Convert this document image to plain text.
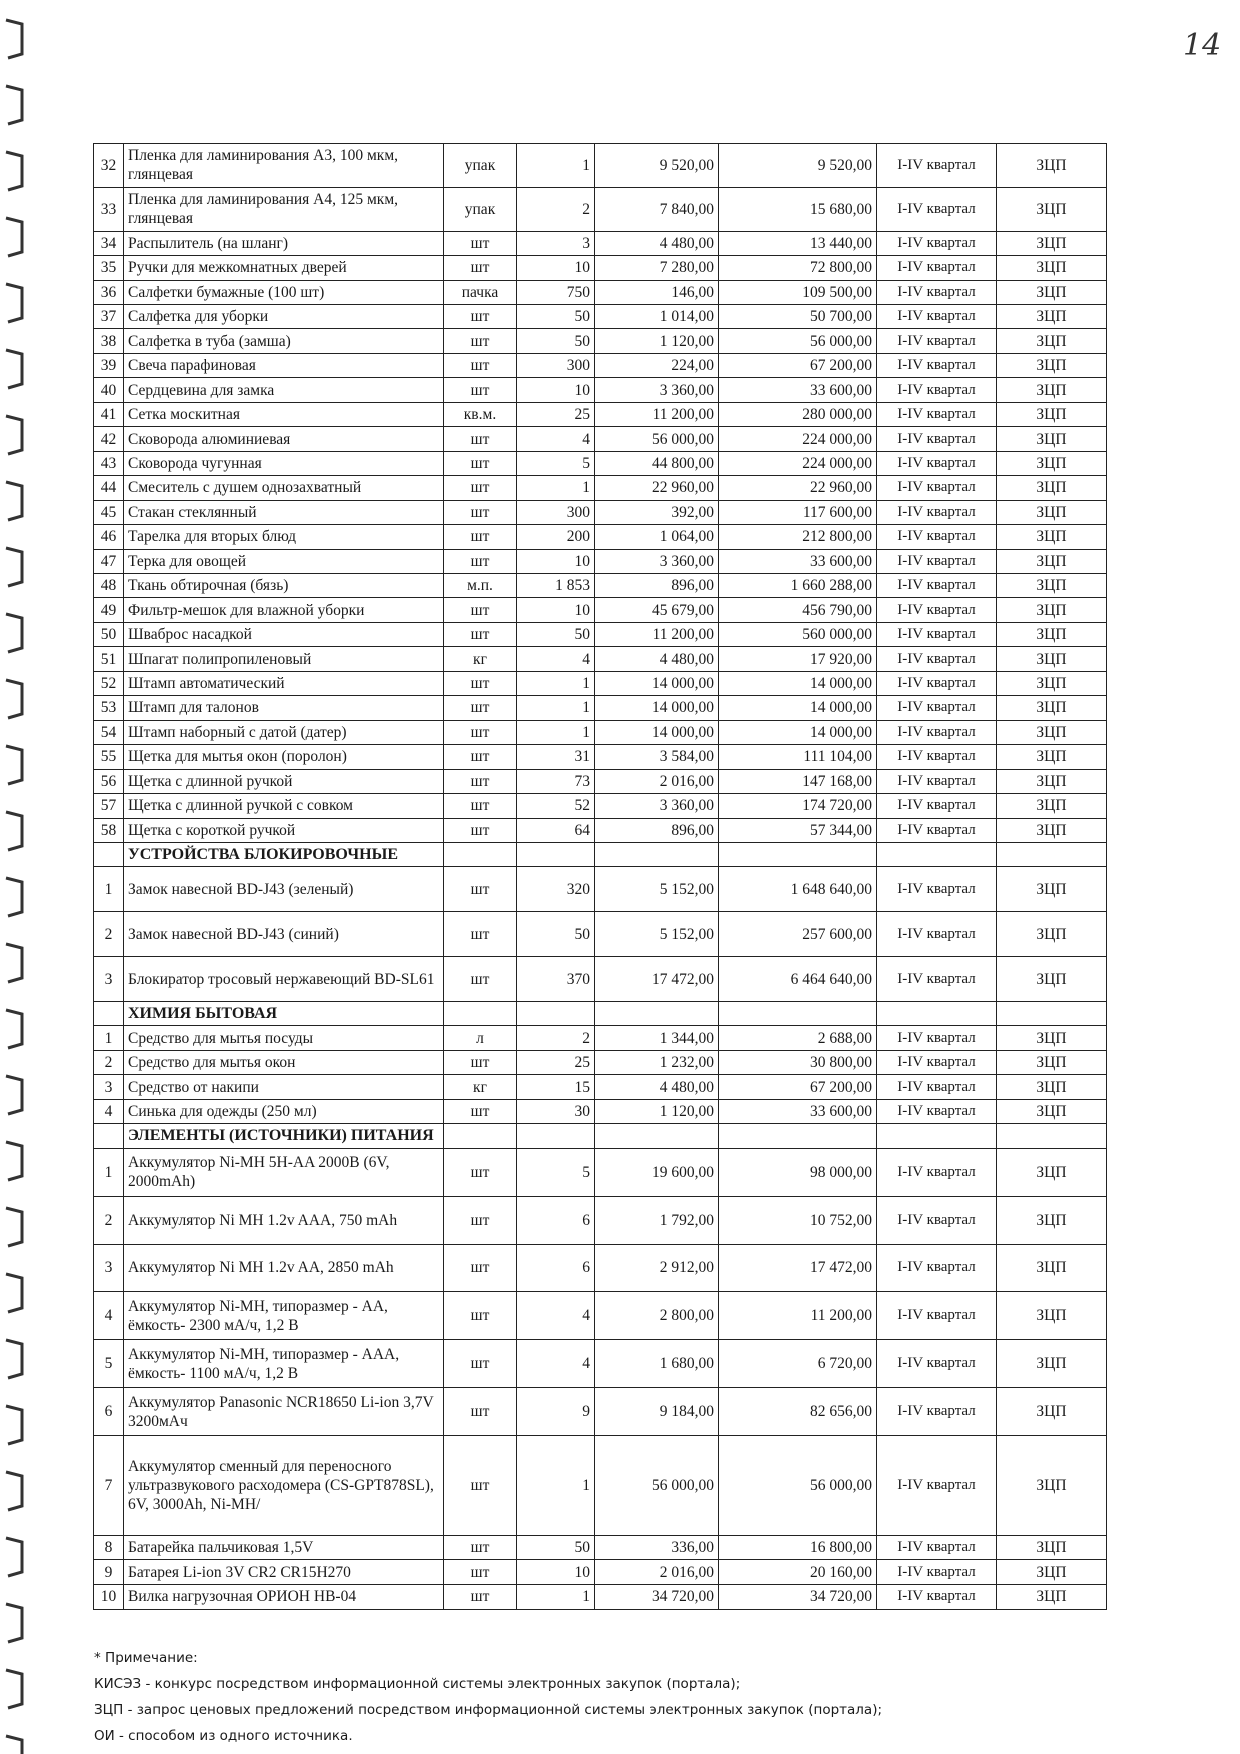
14
32	Пленка для ламинирования А3, 100 мкм, глянцевая	упак	1	9 520,00	9 520,00	I-IV квартал	ЗЦП
33	Пленка для ламинирования А4, 125 мкм, глянцевая	упак	2	7 840,00	15 680,00	I-IV квартал	ЗЦП
34	Распылитель (на шланг)	шт	3	4 480,00	13 440,00	I-IV квартал	ЗЦП
35	Ручки для межкомнатных дверей	шт	10	7 280,00	72 800,00	I-IV квартал	ЗЦП
36	Салфетки бумажные (100 шт)	пачка	750	146,00	109 500,00	I-IV квартал	ЗЦП
37	Салфетка для уборки	шт	50	1 014,00	50 700,00	I-IV квартал	ЗЦП
38	Салфетка в туба (замша)	шт	50	1 120,00	56 000,00	I-IV квартал	ЗЦП
39	Свеча парафиновая	шт	300	224,00	67 200,00	I-IV квартал	ЗЦП
40	Сердцевина для замка	шт	10	3 360,00	33 600,00	I-IV квартал	ЗЦП
41	Сетка москитная	кв.м.	25	11 200,00	280 000,00	I-IV квартал	ЗЦП
42	Сковорода алюминиевая	шт	4	56 000,00	224 000,00	I-IV квартал	ЗЦП
43	Сковорода чугунная	шт	5	44 800,00	224 000,00	I-IV квартал	ЗЦП
44	Смеситель с душем однозахватный	шт	1	22 960,00	22 960,00	I-IV квартал	ЗЦП
45	Стакан стеклянный	шт	300	392,00	117 600,00	I-IV квартал	ЗЦП
46	Тарелка для вторых блюд	шт	200	1 064,00	212 800,00	I-IV квартал	ЗЦП
47	Терка для овощей	шт	10	3 360,00	33 600,00	I-IV квартал	ЗЦП
48	Ткань обтирочная (бязь)	м.п.	1 853	896,00	1 660 288,00	I-IV квартал	ЗЦП
49	Фильтр-мешок для влажной уборки	шт	10	45 679,00	456 790,00	I-IV квартал	ЗЦП
50	Шваброс насадкой	шт	50	11 200,00	560 000,00	I-IV квартал	ЗЦП
51	Шпагат полипропиленовый	кг	4	4 480,00	17 920,00	I-IV квартал	ЗЦП
52	Штамп автоматический	шт	1	14 000,00	14 000,00	I-IV квартал	ЗЦП
53	Штамп для талонов	шт	1	14 000,00	14 000,00	I-IV квартал	ЗЦП
54	Штамп наборный с датой (датер)	шт	1	14 000,00	14 000,00	I-IV квартал	ЗЦП
55	Щетка для мытья окон (поролон)	шт	31	3 584,00	111 104,00	I-IV квартал	ЗЦП
56	Щетка с длинной ручкой	шт	73	2 016,00	147 168,00	I-IV квартал	ЗЦП
57	Щетка с длинной ручкой с совком	шт	52	3 360,00	174 720,00	I-IV квартал	ЗЦП
58	Щетка с короткой ручкой	шт	64	896,00	57 344,00	I-IV квартал	ЗЦП
	УСТРОЙСТВА БЛОКИРОВОЧНЫЕ						
1	Замок навесной BD-J43 (зеленый)	шт	320	5 152,00	1 648 640,00	I-IV квартал	ЗЦП
2	Замок навесной BD-J43 (синий)	шт	50	5 152,00	257 600,00	I-IV квартал	ЗЦП
3	Блокиратор тросовый нержавеющий BD-SL61	шт	370	17 472,00	6 464 640,00	I-IV квартал	ЗЦП
	ХИМИЯ БЫТОВАЯ						
1	Средство для мытья посуды	л	2	1 344,00	2 688,00	I-IV квартал	ЗЦП
2	Средство для мытья окон	шт	25	1 232,00	30 800,00	I-IV квартал	ЗЦП
3	Средство от накипи	кг	15	4 480,00	67 200,00	I-IV квартал	ЗЦП
4	Синька для одежды (250 мл)	шт	30	1 120,00	33 600,00	I-IV квартал	ЗЦП
	ЭЛЕМЕНТЫ (ИСТОЧНИКИ) ПИТАНИЯ						
1	Аккумулятор Ni-MH 5H-AA 2000B (6V, 2000mAh)	шт	5	19 600,00	98 000,00	I-IV квартал	ЗЦП
2	Аккумулятор Ni MH 1.2v AAA, 750 mAh	шт	6	1 792,00	10 752,00	I-IV квартал	ЗЦП
3	Аккумулятор Ni MH 1.2v AA, 2850 mAh	шт	6	2 912,00	17 472,00	I-IV квартал	ЗЦП
4	Аккумулятор Ni-MH, типоразмер - АА, ёмкость- 2300 мА/ч, 1,2 В	шт	4	2 800,00	11 200,00	I-IV квартал	ЗЦП
5	Аккумулятор Ni-MH, типоразмер - ААА, ёмкость- 1100 мА/ч, 1,2 В	шт	4	1 680,00	6 720,00	I-IV квартал	ЗЦП
6	Аккумулятор Panasonic NCR18650 Li-ion 3,7V 3200мАч	шт	9	9 184,00	82 656,00	I-IV квартал	ЗЦП
7	Аккумулятор сменный для переносного ультразвукового расходомера (CS-GPT878SL), 6V, 3000Ah, Ni-MH/	шт	1	56 000,00	56 000,00	I-IV квартал	ЗЦП
8	Батарейка пальчиковая 1,5V	шт	50	336,00	16 800,00	I-IV квартал	ЗЦП
9	Батарея Li-ion 3V CR2 CR15H270	шт	10	2 016,00	20 160,00	I-IV квартал	ЗЦП
10	Вилка нагрузочная ОРИОН НВ-04	шт	1	34 720,00	34 720,00	I-IV квартал	ЗЦП
* Примечание:
КИСЭЗ - конкурс посредством информационной системы электронных закупок (портала);
ЗЦП - запрос ценовых предложений посредством информационной системы электронных закупок (портала);
ОИ - способом из одного источника.
